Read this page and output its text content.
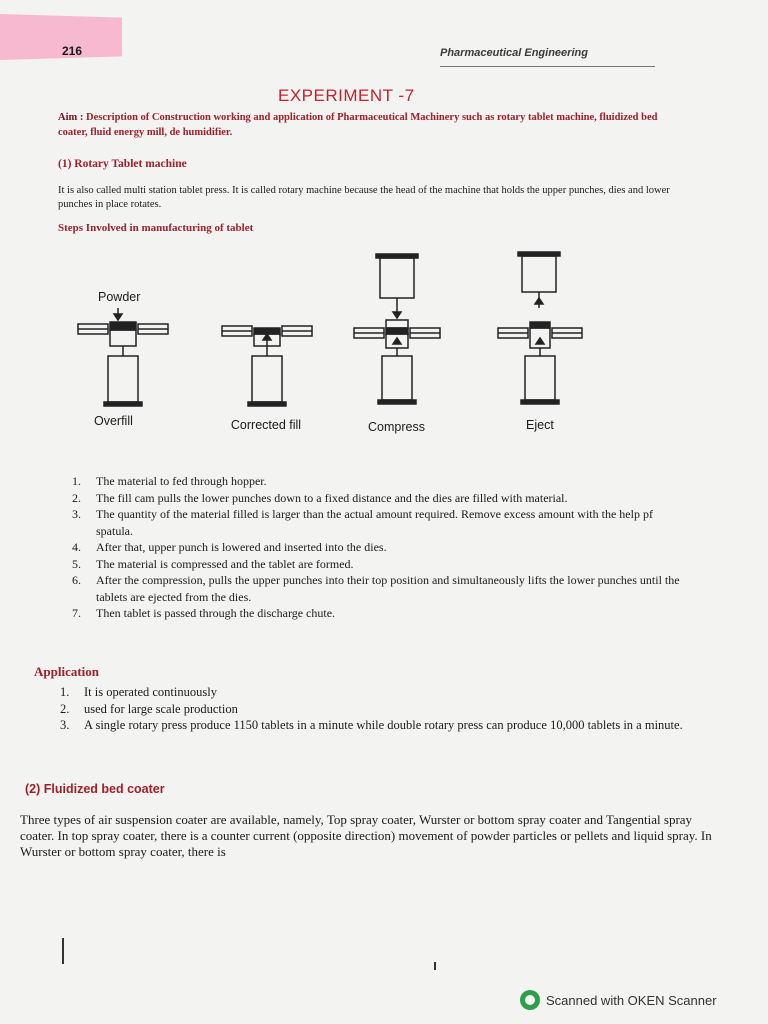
216	Pharmaceutical Engineering
EXPERIMENT -7
Aim : Description of Construction working and application of Pharmaceutical Machinery such as rotary tablet machine, fluidized bed coater, fluid energy mill, de humidifier.
(1) Rotary Tablet machine
It is also called multi station tablet press. It is called rotary machine because the head of the machine that holds the upper punches, dies and lower punches in place rotates.
Steps Involved in manufacturing of tablet
Powder
Overfill	Corrected fill	Compress	Eject
1. The material to fed through hopper.
2. The fill cam pulls the lower punches down to a fixed distance and the dies are filled with material.
3. The quantity of the material filled is larger than the actual amount required. Remove excess amount with the help pf spatula.
4. After that, upper punch is lowered and inserted into the dies.
5. The material is compressed and the tablet are formed.
6. After the compression, pulls the upper punches into their top position and simultaneously lifts the lower punches until the tablets are ejected from the dies.
7. Then tablet is passed through the discharge chute.
Application
1. It is operated continuously
2. used for large scale production
3. A single rotary press produce 1150 tablets in a minute while double rotary press can produce 10,000 tablets in a minute.
(2) Fluidized bed coater
Three types of air suspension coater are available, namely, Top spray coater, Wurster or bottom spray coater and Tangential spray coater. In top spray coater, there is a counter current (opposite direction) movement of powder particles or pellets and liquid spray. In Wurster or bottom spray coater, there is
Scanned with OKEN Scanner
